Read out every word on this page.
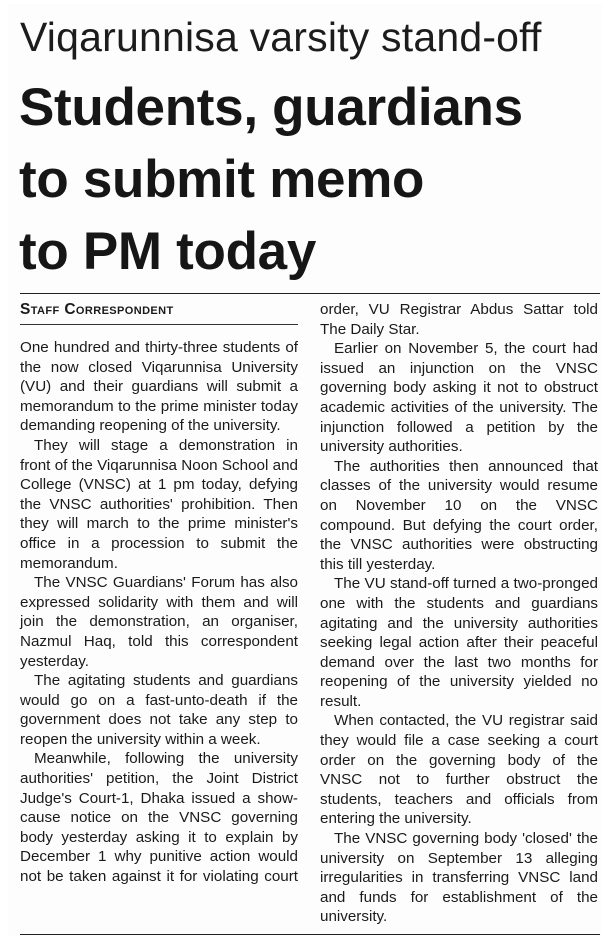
Viqarunnisa varsity stand-off
Students, guardians
to submit memo
to PM today
Staff Correspondent

One hundred and thirty-three students of the now closed Viqarunnisa University (VU) and their guardians will submit a memorandum to the prime minister today demanding reopening of the university.

They will stage a demonstration in front of the Viqarunnisa Noon School and College (VNSC) at 1 pm today, defying the VNSC authorities' prohibition. Then they will march to the prime minister's office in a procession to submit the memorandum.

The VNSC Guardians' Forum has also expressed solidarity with them and will join the demonstration, an organiser, Nazmul Haq, told this correspondent yesterday.

The agitating students and guardians would go on a fast-unto-death if the government does not take any step to reopen the university within a week.

Meanwhile, following the university authorities' petition, the Joint District Judge's Court-1, Dhaka issued a show-cause notice on the VNSC governing body yesterday asking it to explain by December 1 why punitive action would not be taken against it for violating court

order, VU Registrar Abdus Sattar told The Daily Star.

Earlier on November 5, the court had issued an injunction on the VNSC governing body asking it not to obstruct academic activities of the university. The injunction followed a petition by the university authorities.

The authorities then announced that classes of the university would resume on November 10 on the VNSC compound. But defying the court order, the VNSC authorities were obstructing this till yesterday.

The VU stand-off turned a two-pronged one with the students and guardians agitating and the university authorities seeking legal action after their peaceful demand over the last two months for reopening of the university yielded no result.

When contacted, the VU registrar said they would file a case seeking a court order on the governing body of the VNSC not to further obstruct the students, teachers and officials from entering the university.

The VNSC governing body 'closed' the university on September 13 alleging irregularities in transferring VNSC land and funds for establishment of the university.
